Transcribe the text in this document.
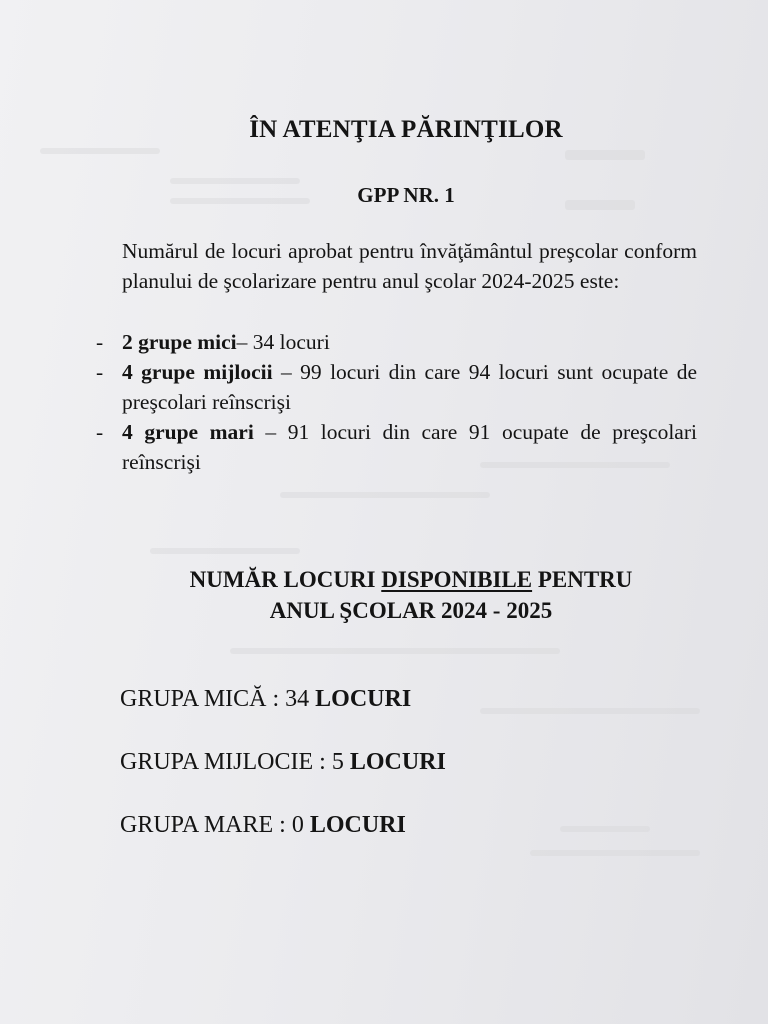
ÎN ATENŢIA PĂRINŢILOR
GPP NR. 1

Numărul de locuri aprobat pentru învăţământul preşcolar conform planului de şcolarizare pentru anul şcolar 2024-2025 este:

- 2 grupe mici– 34 locuri
- 4 grupe mijlocii – 99 locuri din care 94 locuri sunt ocupate de preşcolari reînscrişi
- 4 grupe mari – 91 locuri din care 91 ocupate de preşcolari reînscrişi
NUMĂR LOCURI DISPONIBILE PENTRU
ANUL ŞCOLAR 2024 - 2025

GRUPA MICĂ : 34 LOCURI

GRUPA MIJLOCIE : 5 LOCURI

GRUPA MARE : 0 LOCURI
